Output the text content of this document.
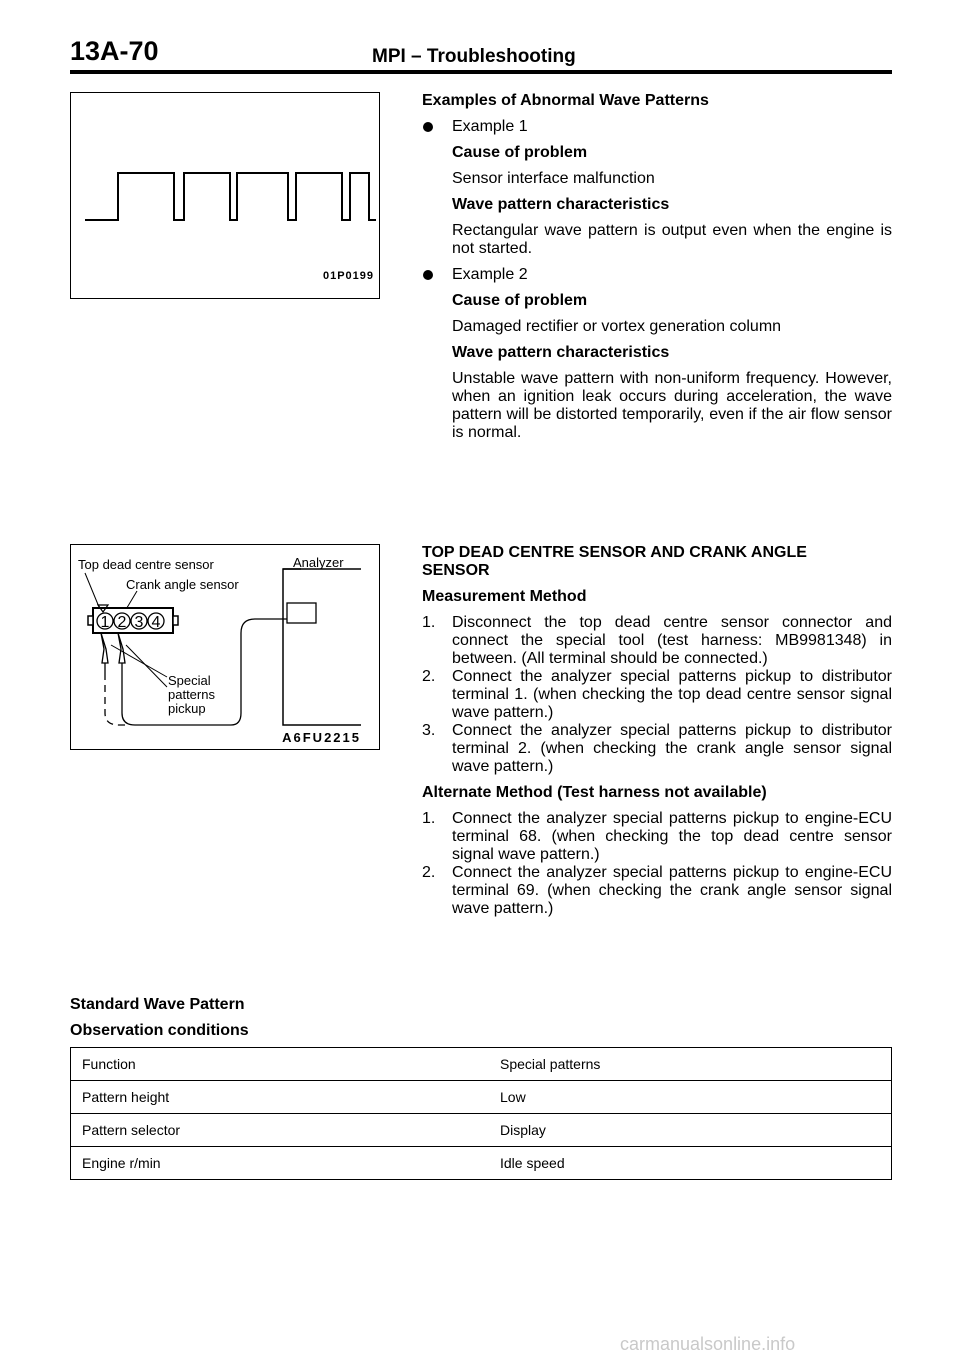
13A-70	MPI – Troubleshooting
01P0199
1 2 3 4
Top dead centre sensor
Crank angle sensor
Analyzer
Special
patterns
pickup
A6FU2215

Examples of Abnormal Wave Patterns

Example 1

Cause of problem

Sensor interface malfunction

Wave pattern characteristics

Rectangular wave pattern is output even when the engine is not started.

Example 2

Cause of problem

Damaged rectifier or vortex generation column

Wave pattern characteristics

Unstable wave pattern with non-uniform frequency. However, when an ignition leak occurs during acceleration, the wave pattern will be distorted temporarily, even if the air flow sensor is normal.

TOP DEAD CENTRE SENSOR AND CRANK ANGLE

SENSOR

Measurement Method

1. Disconnect the top dead centre sensor connector and connect the special tool (test harness: MB9981348) in between. (All terminal should be connected.)
2. Connect the analyzer special patterns pickup to distributor terminal 1. (when checking the top dead centre sensor signal wave pattern.)
3. Connect the analyzer special patterns pickup to distributor terminal 2. (when checking the crank angle sensor signal wave pattern.)

Alternate Method (Test harness not available)

1. Connect the analyzer special patterns pickup to engine-ECU terminal 68. (when checking the top dead centre sensor signal wave pattern.)
2. Connect the analyzer special patterns pickup to engine-ECU terminal 69. (when checking the crank angle sensor signal wave pattern.)
Standard Wave Pattern
Observation conditions
Function	Special patterns
Pattern height	Low
Pattern selector	Display
Engine r/min	Idle speed
carmanualsonline.info
